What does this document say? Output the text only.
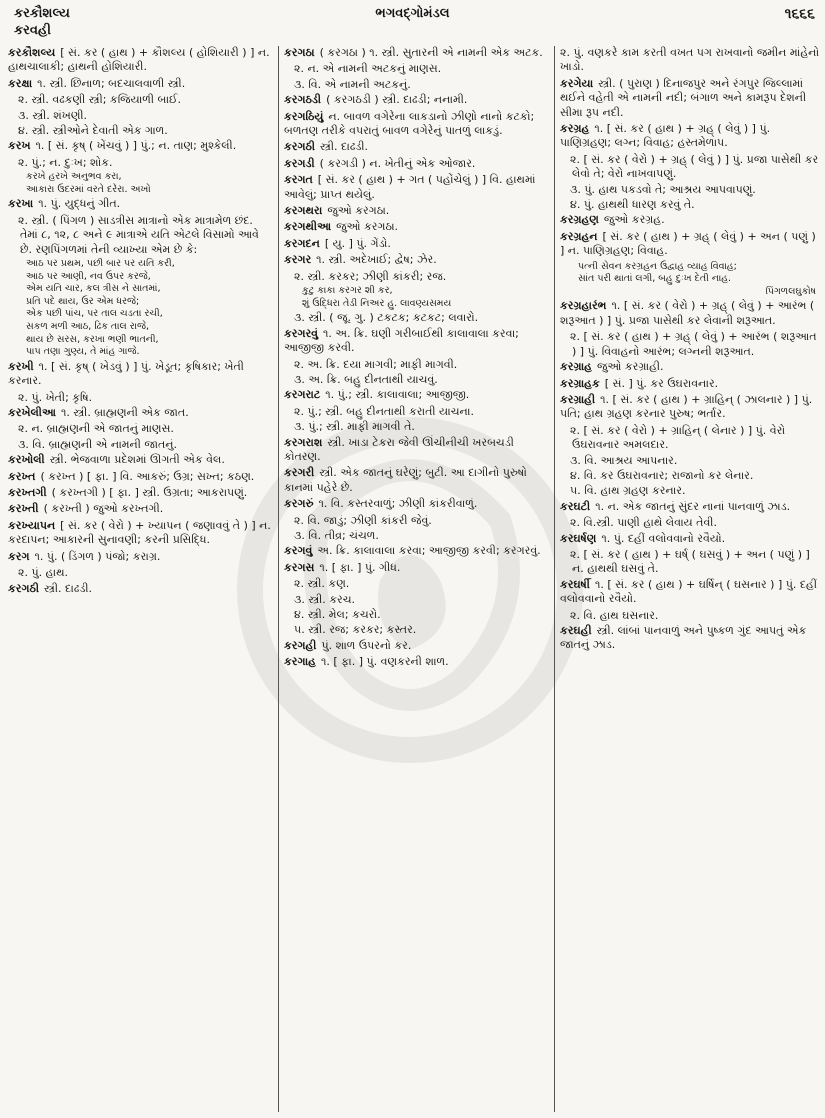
કરકૌશલ્ય
કરવહી
ભગવદ્ગોમંડલ	૧૬૬૬
કરકૌશલ્ય [ સં. કર ( હાથ ) + કૌશલ્ય ( હોશિયારી ) ] ન. હાથચાલાકી; હાથની હોશિયારી.
કરક્ષા ૧. સ્ત્રી. છિનાળ; બદચાલવાળી સ્ત્રી.
૨. સ્ત્રી. વઢકણી સ્ત્રી; કજિયાળી બાઈ.
૩. સ્ત્રી. શંખણી.
૪. સ્ત્રી. સ્ત્રીઓને દેવાતી એક ગાળ.
કરખ ૧. [ સં. કૃષ્ ( ખેંચવું ) ] પું.; ન. તાણ; મુશ્કેલી.
૨. પું.; ન. દુઃખ; શોક.
કરખે હરખે અનુભવ કરા,
આકારા ઉદરમાં વરતે દરેરા. અખો
કરખા ૧. પું. યુદ્ધનું ગીત.
૨. સ્ત્રી. ( પિંગળ ) સાડત્રીસ માત્રાનો એક માત્રામેળ છંદ. તેમાં ૮, ૧૨, ૮ અને ૯ માત્રાએ યતિ એટલે વિસામો આવે છે. રણપિંગળમાં તેની વ્યાખ્યા એમ છે કે:
આઠ પર પ્રથમ, પછી બાર પર યતિ કરી,
આઠ પર આણી, નવ ઉપર કરજે,
એમ યતિ ચાર, કલ ત્રીસ ને સાતમાં,
પ્રતિ પદે થાય, ઉર એમ ધરજે;
એક પછી પાંચ, પર તાલ ચડતા રચી,
સકળ મળી આઠ, ઢિક તાલ રાજે,
થાય છે સરસ, કરખા ભણી ભાતની,
પાપ તણા ગુણ્ય, તે માંહ ગાજે.
કરખી ૧. [ સં. કૃષ્ ( ખેડવું ) ] પું. ખેડૂત; કૃષિકાર; ખેતી કરનાર.
૨. પું. ખેતી; કૃષિ.
કરખેલીઆ ૧. સ્ત્રી. બ્રાહ્મણની એક જાત.
૨. ન. બ્રાહ્મણની એ જાતનું માણસ.
૩. વિ. બ્રાહ્મણની એ નામની જાતનું.
કરખોલી સ્ત્રી. ભેજવાળા પ્રદેશમાં ઊગતી એક વેલ.
કરખ્ત ( કરખ્ત ) [ ફા. ] વિ. આકરું; ઉગ્ર; સખ્ત; કઠણ.
કરખ્તગી ( કરખ્તગી ) [ ફા. ] સ્ત્રી. ઉગ્રતા; આકરાપણું.
કરખ્તી ( કરખ્તી ) જુઓ કરખ્તગી.
કરખ્યાપન [ સં. કર ( વેરો ) + ખ્યાપન ( જણાવવું તે ) ] ન. કરદાપન; આકારની સુનાવણી; કરની પ્રસિદ્ધિ.
કરગ ૧. પું. ( ડિંગળ ) પંજો; કરાગ્ર.
૨. પું. હાથ.
કરગઠી સ્ત્રી. દાઢડી.
કરગઠા ( કરગઠા ) ૧. સ્ત્રી. સુતારની એ નામની એક અટક.
૨. ન. એ નામની અટકનું માણસ.
૩. વિ. એ નામની અટકનું.
કરગઠડી ( કરગઠડી ) સ્ત્રી. દાઢડી; નનામી.
કરગઠિયું ન. બાવળ વગેરેના લાકડાનો ઝીણો નાનો કટકો; બળતણ તરીકે વપરાતું બાવળ વગેરેનું પાતળું લાકડું.
કરગઠી સ્ત્રી. દાઢડી.
કરગડી ( કરગડી ) ન. ખેતીનું એક ઓજાર.
કરગત [ સં. કર ( હાથ ) + ગત ( પહોંચેલું ) ] વિ. હાથમાં આવેલું; પ્રાપ્ત થયેલું.
કરગથરા જુઓ કરગઠા.
કરગથીઆ જુઓ કરગઠા.
કરગદન [ યુ. ] પું. ગેંડો.
કરગર ૧. સ્ત્રી. અદેખાઈ; દ્વેષ; ઝેર.
૨. સ્ત્રી. કરકર; ઝીણી કાંકરી; રજ.
કુટુ કાકા કરગર શી કર,
શું ઉદ્ધિરા તેડી નિઅર હુ. લાવણ્યસમય
૩. સ્ત્રી. ( જૂ. ગુ. ) ટકટક; કટકટ; લવારો.
કરગરવું ૧. અ. ક્રિ. ઘણી ગરીબાઈથી કાલાવાલા કરવા; આજીજી કરવી.
૨. અ. ક્રિ. દયા માગવી; માફી માગવી.
૩. અ. ક્રિ. બહુ દીનતાથી યાચવું.
કરગરાટ ૧. પું.; સ્ત્રી. કાલાવાલા; આજીજી.
૨. પું.; સ્ત્રી. બહુ દીનતાથી કરાતી યાચના.
૩. પું.; સ્ત્રી. માફી માગવી તે.
કરગરાશ સ્ત્રી. ખાડા ટેકરા જેવી ઊંચીનીચી ખરબચડી કોતરણ.
કરગરી સ્ત્રી. એક જાતનું ઘરેણું; બુટી. આ દાગીનો પુરુષો કાનમાં પહેરે છે.
કરગરું ૧. વિ. કસ્તરવાળું; ઝીણી કાંકરીવાળું.
૨. વિ. જાડું; ઝીણી કાંકરી જેવું.
૩. વિ. તીવ્ર; ચંચળ.
કરગવું અ. ક્રિ. કાલાવાલા કરવા; આજીજી કરવી; કરગરવું.
કરગસ ૧. [ ફા. ] પું. ગીધ.
૨. સ્ત્રી. કણ.
૩. સ્ત્રી. કરચ.
૪. સ્ત્રી. મેલ; કચરો.
૫. સ્ત્રી. રજ; કરકર; કસ્તર.
કરગહી પું. શાળ ઉપરનો કર.
કરગાહ ૧. [ ફા. ] પું. વણકરની શાળ.
૨. પું. વણકરે કામ કરતી વખત પગ રાખવાનો જમીન માંહેનો ખાડો.
કરગેયા સ્ત્રી. ( પુરાણ ) દિનાજપુર અને રંગપુર જિલ્લામાં થઈને વહેતી એ નામની નદી; બંગાળ અને કામરૂપ દેશની સીમા રૂપ નદી.
કરગ્રહ ૧. [ સં. કર ( હાથ ) + ગ્રહ્ ( લેવું ) ] પું. પાણિગ્રહણ; લગ્ન; વિવાહ; હસ્તમેળાપ.
૨. [ સં. કર ( વેરો ) + ગ્રહ્ ( લેવું ) ] પું. પ્રજા પાસેથી કર લેવો તે; વેરો નાખવાપણું.
૩. પું. હાથ પકડવો તે; આશ્રય આપવાપણું.
૪. પું. હાથથી ધારણ કરવું તે.
કરગ્રહણ જુઓ કરગ્રહ.
કરગ્રહન [ સં. કર ( હાથ ) + ગ્રહ્ ( લેવું ) + અન ( પણું ) ] ન. પાણિગ્રહણ; વિવાહ.
પત્ની સેવન કરગ્રહન ઉદ્વાહ વ્યાહ વિવાહ;
સાંત પરી થાતાં લગી, બહુ દુઃખ દેતી નાહ.
પિંગળલઘુકોષ
કરગ્રહારંભ ૧. [ સં. કર ( વેરો ) + ગ્રહ્ ( લેવું ) + આરંભ ( શરૂઆત ) ] પું. પ્રજા પાસેથી કર લેવાની શરૂઆત.
૨. [ સં. કર ( હાથ ) + ગ્રહ્ ( લેવું ) + આરંભ ( શરૂઆત ) ] પું. વિવાહનો આરંભ; લગ્નની શરૂઆત.
કરગ્રાહ જુઓ કરગ્રાહી.
કરગ્રાહક [ સં. ] પું. કર ઉઘરાવનાર.
કરગ્રાહી ૧. [ સં. કર ( હાથ ) + ગ્રાહિન્ ( ઝાલનાર ) ] પું. પતિ; હાથ ગ્રહણ કરનાર પુરુષ; ભર્તાર.
૨. [ સં. કર ( વેરો ) + ગ્રાહિન્ ( લેનાર ) ] પું. વેરો ઉઘરાવનાર અમલદાર.
૩. વિ. આશ્રય આપનાર.
૪. વિ. કર ઉઘરાવનાર; રાજાનો કર લેનાર.
૫. વિ. હાથ ગ્રહણ કરનાર.
કરઘટી ૧. ન. એક જાતનું સુંદર નાનાં પાનવાળું ઝાડ.
૨. વિ.સ્ત્રી. પાણી હાથે લેવાય તેવી.
કરઘર્ષણ ૧. પું. દહીં વલોવવાનો રવૈયો.
૨. [ સં. કર ( હાથ ) + ઘર્ષ્ ( ઘસવું ) + અન ( પણું ) ] ન. હાથથી ઘસવું તે.
કરઘર્ષી ૧. [ સં. કર ( હાથ ) + ઘર્ષિન્ ( ઘસનાર ) ] પું. દહીં વલોવવાનો રવૈયો.
૨. વિ. હાથ ઘસનાર.
કરઘહી સ્ત્રી. લાંબાં પાનવાળું અને પુષ્કળ ગુંદ આપતું એક જાતનું ઝાડ.
